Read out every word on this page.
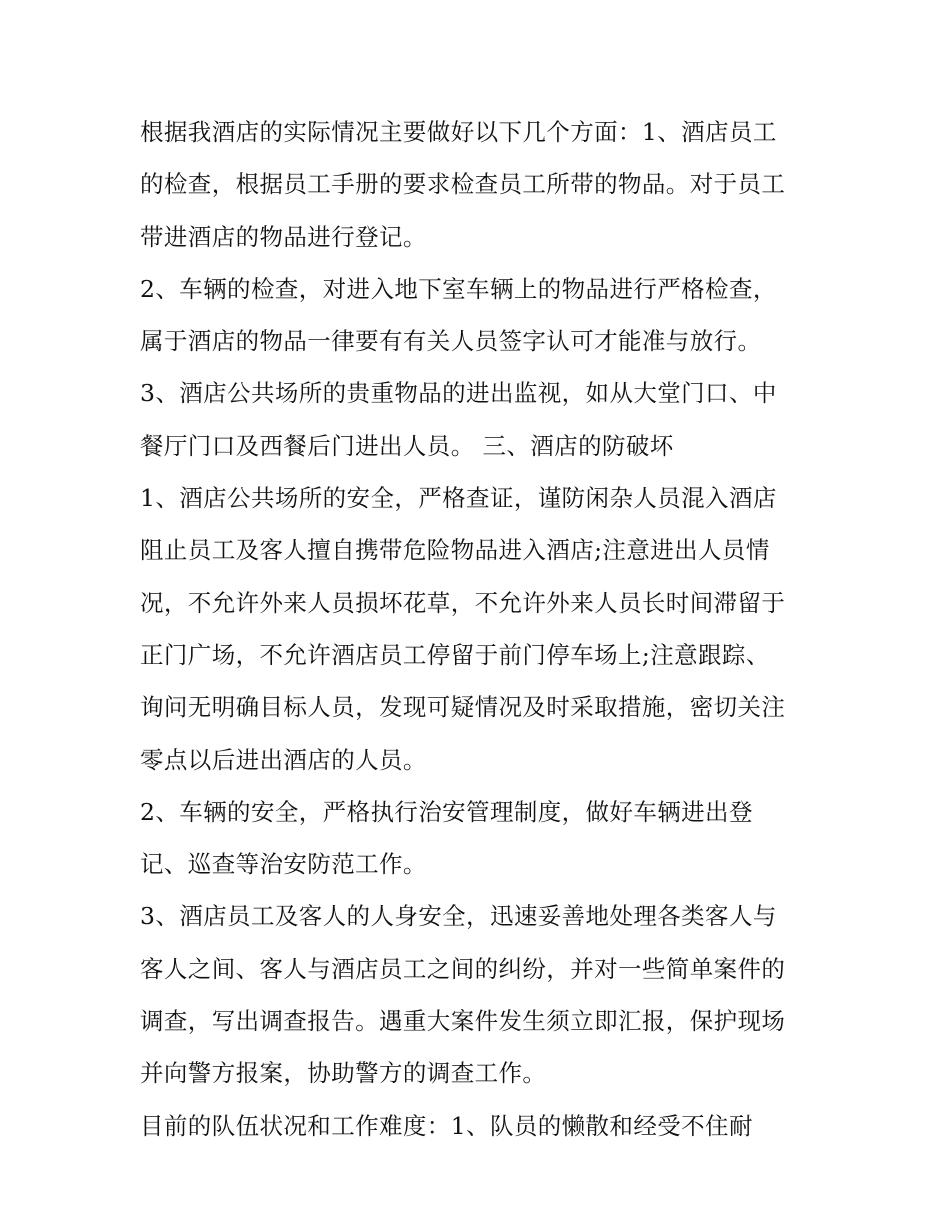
根据我酒店的实际情况主要做好以下几个方面：1、酒店员工
的检查，根据员工手册的要求检查员工所带的物品。对于员工
带进酒店的物品进行登记。
2、车辆的检查，对进入地下室车辆上的物品进行严格检查，
属于酒店的物品一律要有有关人员签字认可才能准与放行。
3、酒店公共场所的贵重物品的进出监视，如从大堂门口、中
餐厅门口及西餐后门进出人员。 三、酒店的防破坏
1、酒店公共场所的安全，严格查证，谨防闲杂人员混入酒店
阻止员工及客人擅自携带危险物品进入酒店;注意进出人员情
况，不允许外来人员损坏花草，不允许外来人员长时间滞留于
正门广场，不允许酒店员工停留于前门停车场上;注意跟踪、
询问无明确目标人员，发现可疑情况及时采取措施，密切关注
零点以后进出酒店的人员。
2、车辆的安全，严格执行治安管理制度，做好车辆进出登
记、巡查等治安防范工作。
3、酒店员工及客人的人身安全，迅速妥善地处理各类客人与
客人之间、客人与酒店员工之间的纠纷，并对一些简单案件的
调查，写出调查报告。遇重大案件发生须立即汇报，保护现场
并向警方报案，协助警方的调查工作。
目前的队伍状况和工作难度：1、队员的懒散和经受不住耐
